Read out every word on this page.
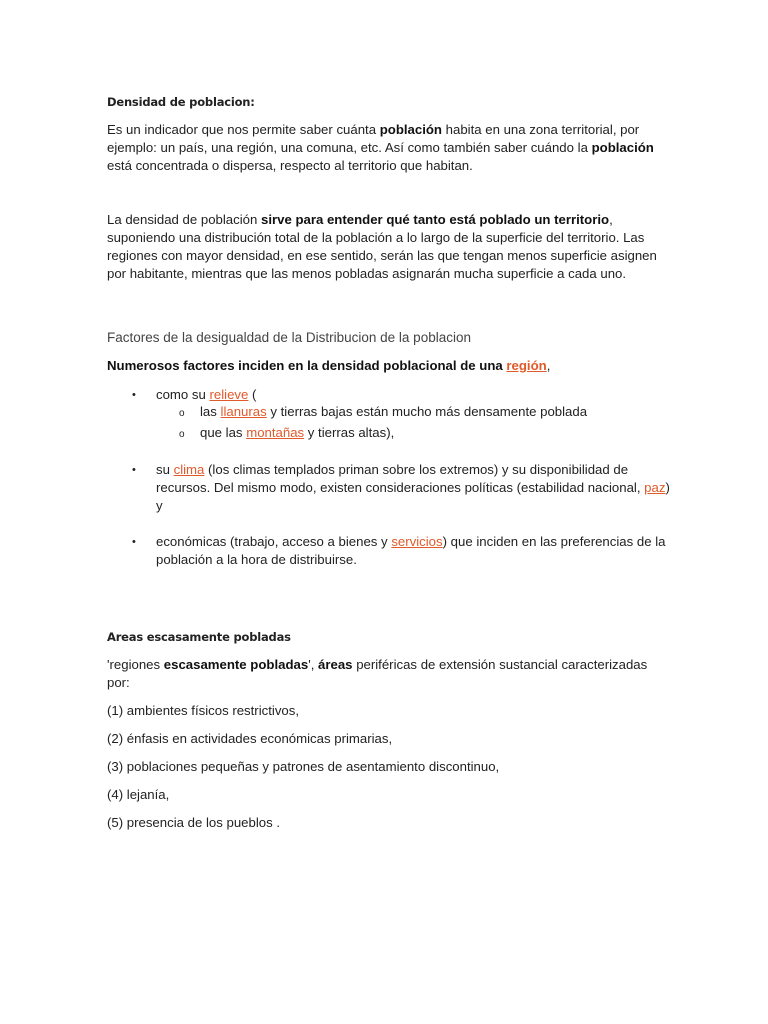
Densidad de poblacion:

Es un indicador que nos permite saber cuánta población habita en una zona territorial, por ejemplo: un país, una región, una comuna, etc. Así como también saber cuándo la población está concentrada o dispersa, respecto al territorio que habitan.

La densidad de población sirve para entender qué tanto está poblado un territorio, suponiendo una distribución total de la población a lo largo de la superficie del territorio. Las regiones con mayor densidad, en ese sentido, serán las que tengan menos superficie asignen por habitante, mientras que las menos pobladas asignarán mucha superficie a cada uno.

Factores de la desigualdad de la Distribucion de la poblacion
Numerosos factores inciden en la densidad poblacional de una región,
• como su relieve (
o las llanuras y tierras bajas están mucho más densamente poblada
o que las montañas y tierras altas),
• su clima (los climas templados priman sobre los extremos) y su disponibilidad de recursos. Del mismo modo, existen consideraciones políticas (estabilidad nacional, paz) y
• económicas (trabajo, acceso a bienes y servicios) que inciden en las preferencias de la población a la hora de distribuirse.
Areas escasamente pobladas
'regiones escasamente pobladas', áreas periféricas de extensión sustancial caracterizadas por:
(1) ambientes físicos restrictivos,
(2) énfasis en actividades económicas primarias,
(3) poblaciones pequeñas y patrones de asentamiento discontinuo,
(4) lejanía,
(5) presencia de los pueblos .
